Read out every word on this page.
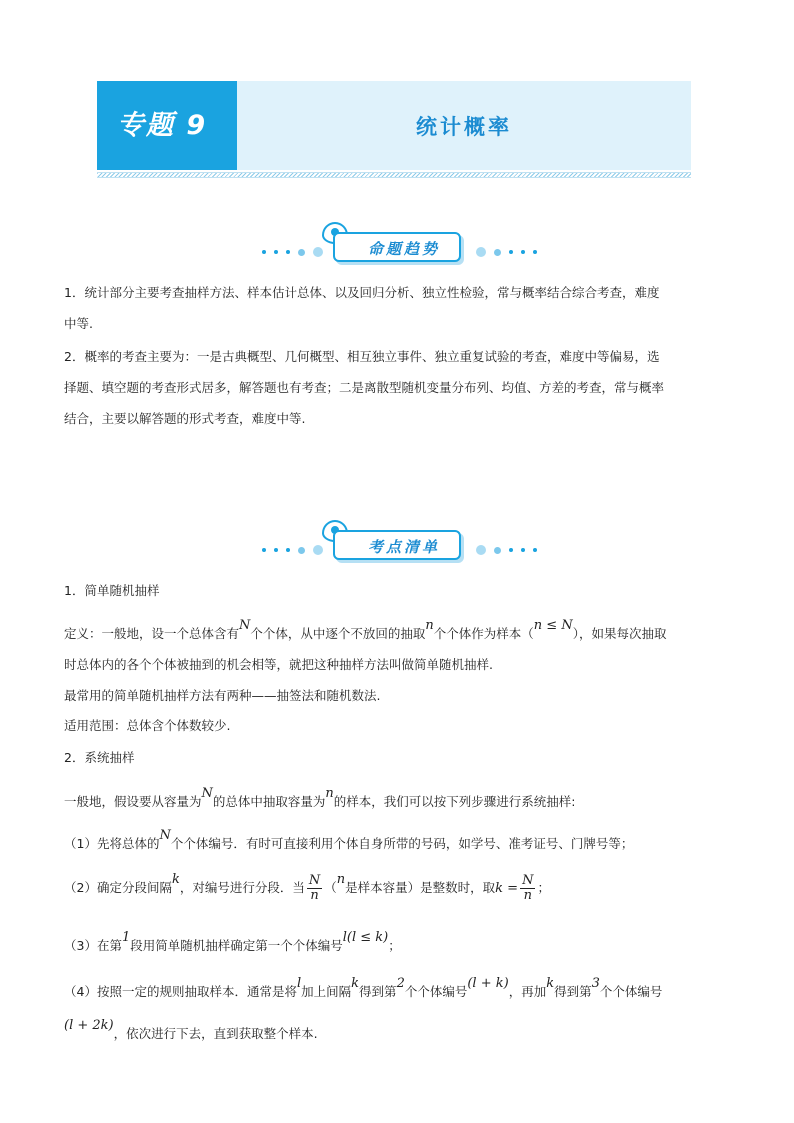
专题 9	统计概率
命题趋势
1．统计部分主要考查抽样方法、样本估计总体、以及回归分析、独立性检验，常与概率结合综合考查，难度
中等.
2．概率的考查主要为：一是古典概型、几何概型、相互独立事件、独立重复试验的考查，难度中等偏易，选
择题、填空题的考查形式居多，解答题也有考查；二是离散型随机变量分布列、均值、方差的考查，常与概率
结合，主要以解答题的形式考查，难度中等.
考点清单
1．简单随机抽样
定义：一般地，设一个总体含有N个个体，从中逐个不放回的抽取n个个体作为样本（n ≤ N），如果每次抽取
时总体内的各个个体被抽到的机会相等，就把这种抽样方法叫做简单随机抽样.
最常用的简单随机抽样方法有两种——抽签法和随机数法.
适用范围：总体含个体数较少.
2．系统抽样
一般地，假设要从容量为N的总体中抽取容量为n的样本，我们可以按下列步骤进行系统抽样:
（1）先将总体的N个个体编号．有时可直接利用个体自身所带的号码，如学号、准考证号、门牌号等；
（2）确定分段间隔k，对编号进行分段．当 $\frac{N}{n} (n$是样本容量）是整数时，取$k = \frac{N}{n}$ ；
（3）在第1段用简单随机抽样确定第一个个体编号l(l ≤ k)；
（4）按照一定的规则抽取样本．通常是将l加上间隔k得到第2个个体编号(l + k)，再加k得到第3个个体编号
(l + 2k)，依次进行下去，直到获取整个样本.
